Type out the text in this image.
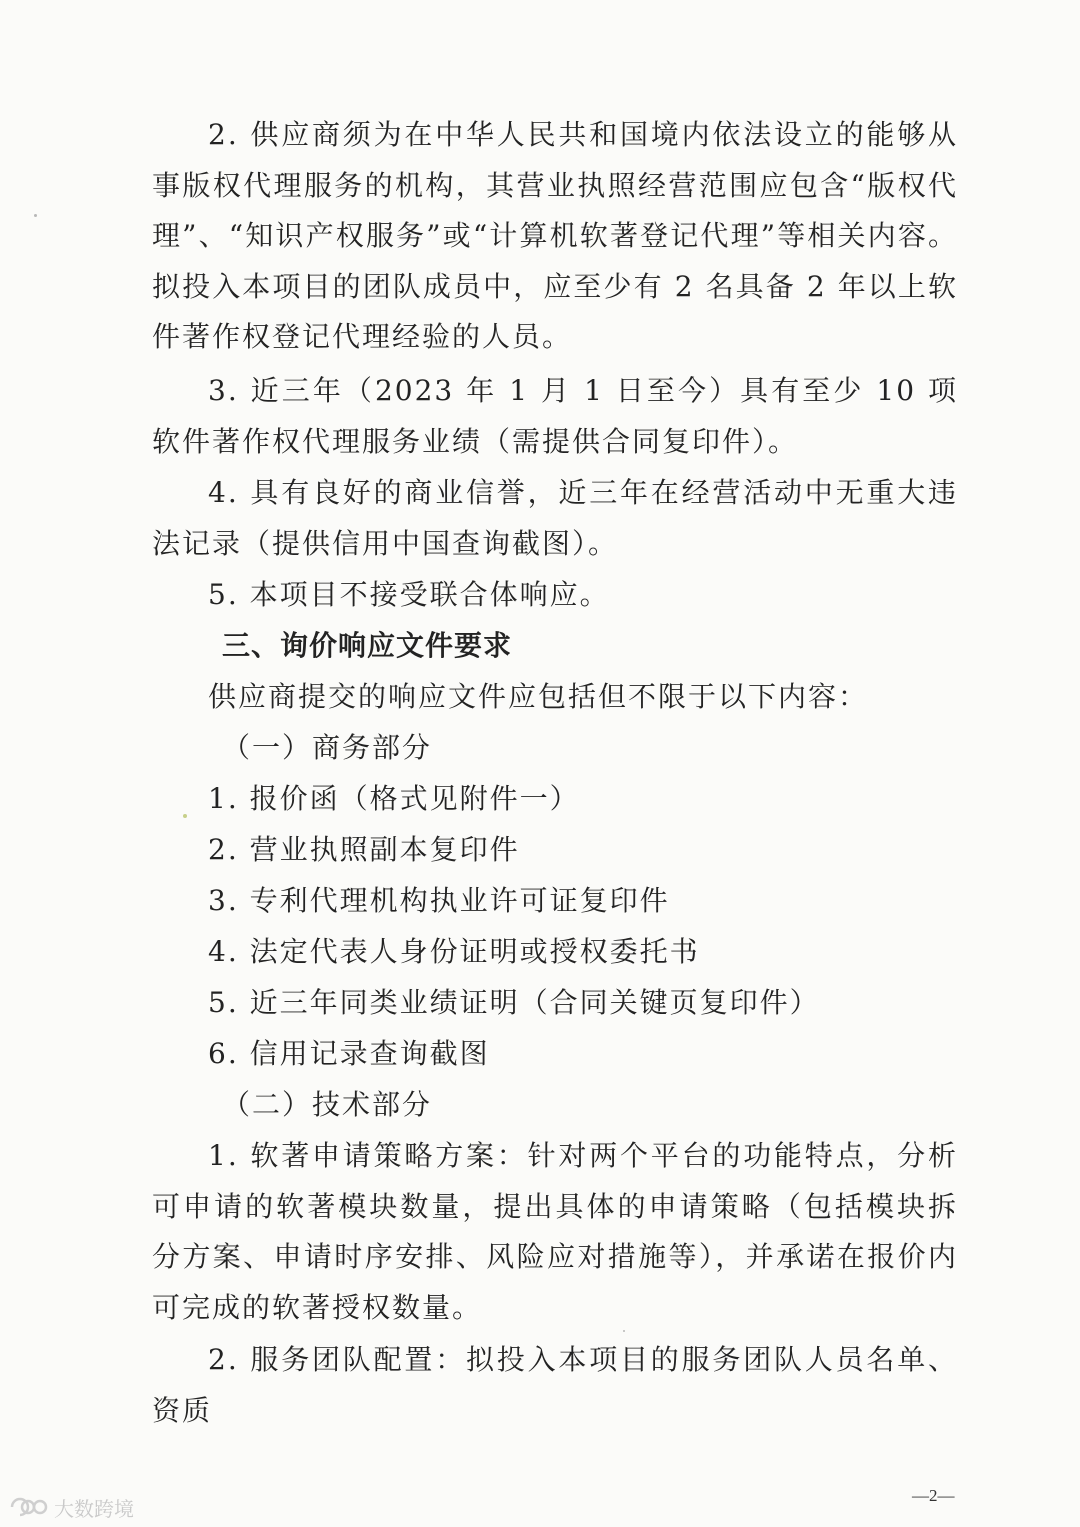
2. 供应商须为在中华人民共和国境内依法设立的能够从事版权代理服务的机构，其营业执照经营范围应包含“版权代理”、“知识产权服务”或“计算机软著登记代理”等相关内容。拟投入本项目的团队成员中，应至少有 2 名具备 2 年以上软件著作权登记代理经验的人员。

3. 近三年（2023 年 1 月 1 日至今）具有至少 10 项软件著作权代理服务业绩（需提供合同复印件）。

4. 具有良好的商业信誉，近三年在经营活动中无重大违法记录（提供信用中国查询截图）。

5. 本项目不接受联合体响应。

三、询价响应文件要求

供应商提交的响应文件应包括但不限于以下内容：

（一）商务部分
1. 报价函（格式见附件一）
2. 营业执照副本复印件
3. 专利代理机构执业许可证复印件
4. 法定代表人身份证明或授权委托书
5. 近三年同类业绩证明（合同关键页复印件）
6. 信用记录查询截图
（二）技术部分

1. 软著申请策略方案：针对两个平台的功能特点，分析可申请的软著模块数量，提出具体的申请策略（包括模块拆分方案、申请时序安排、风险应对措施等），并承诺在报价内可完成的软著授权数量。

2. 服务团队配置：拟投入本项目的服务团队人员名单、资质

—2—
大数跨境
